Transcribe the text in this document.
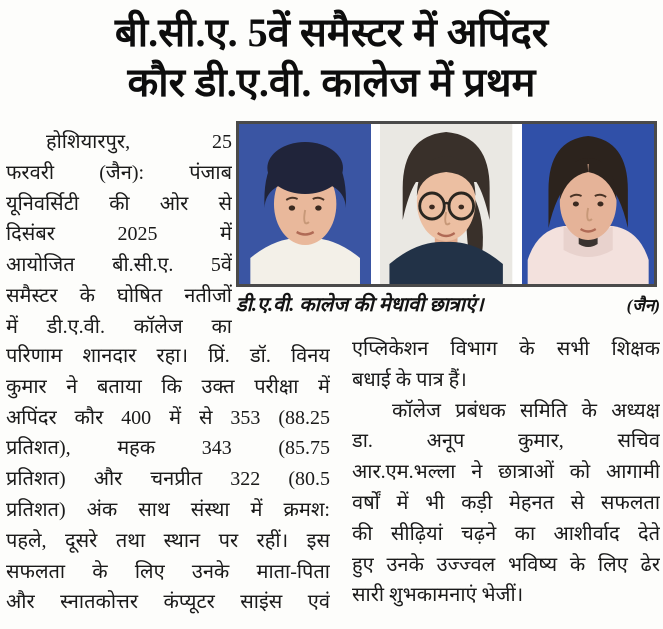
बी.सी.ए. 5वें समैस्टर में अपिंदर
कौर डी.ए.वी. कालेज में प्रथम
डी.ए.वी. कालेज की मेधावी छात्राएं।	(जैन)
होशियारपुर, 25
फरवरी (जैन): पंजाब
यूनिवर्सिटी की ओर से
दिसंबर 2025 में
आयोजित बी.सी.ए. 5वें
समैस्टर के घोषित नतीजों
में डी.ए.वी. कॉलेज का
परिणाम शानदार रहा। प्रिं. डॉ. विनय
कुमार ने बताया कि उक्त परीक्षा में
अपिंदर कौर 400 में से 353 (88.25
प्रतिशत), महक 343 (85.75
प्रतिशत) और चनप्रीत 322 (80.5
प्रतिशत) अंक साथ संस्था में क्रमश:
पहले, दूसरे तथा स्थान पर रहीं। इस
सफलता के लिए उनके माता-पिता
और स्नातकोत्तर कंप्यूटर साइंस एवं
एप्लिकेशन विभाग के सभी शिक्षक
बधाई के पात्र हैं।
कॉलेज प्रबंधक समिति के अध्यक्ष
डा. अनूप कुमार, सचिव
आर.एम.भल्ला ने छात्राओं को आगामी
वर्षों में भी कड़ी मेहनत से सफलता
की सीढ़ियां चढ़ने का आशीर्वाद देते
हुए उनके उज्ज्वल भविष्य के लिए ढेर
सारी शुभकामनाएं भेजीं।
